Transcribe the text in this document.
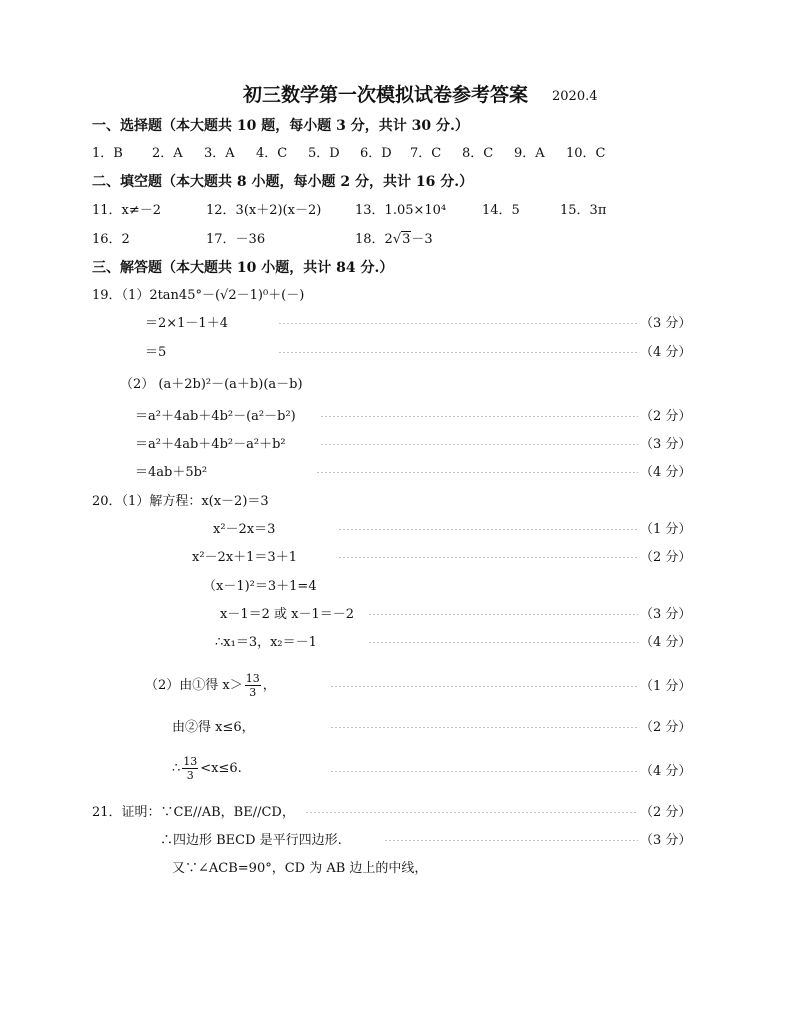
初三数学第一次模拟试卷参考答案 2020.4
一、选择题（本大题共 10 题，每小题 3 分，共计 30 分.）
1．B 2．A 3．A 4．C 5．D 6．D 7．C 8．C 9．A 10．C
二、填空题（本大题共 8 小题，每小题 2 分，共计 16 分.）
11．x≠－2	12．3(x＋2)(x－2)	13．1.05×10⁴	14．5	15．3π
16．2	17．－36	18．2√3－3
三、解答题（本大题共 10 小题，共计 84 分.）
19．（1）2tan45°－(√2－1)⁰＋(－)
＝2×1－1＋4	（3 分）
＝5	（4 分）
（2） (a＋2b)²－(a＋b)(a－b)
＝a²＋4ab＋4b²－(a²－b²)	（2 分）
＝a²＋4ab＋4b²－a²＋b²	（3 分）
＝4ab＋5b²	（4 分）
20．（1）解方程：x(x－2)＝3
x²－2x＝3	（1 分）
x²－2x＋1＝3＋1	（2 分）
（x－1)²＝3＋1=4
x－1＝2 或 x－1＝－2	（3 分）
∴x₁＝3，x₂＝－1	（4 分）
（2）由①得 $x> \frac{13}{3}$ ，	（1 分）
由②得 x≤6，	（2 分）
∴ $\frac{13}{3} <x\le 6$.	（4 分）
21．证明：∵CE//AB，BE//CD，	（2 分）
∴四边形 BECD 是平行四边形.	（3 分）
又∵∠ACB=90°，CD 为 AB 边上的中线，
